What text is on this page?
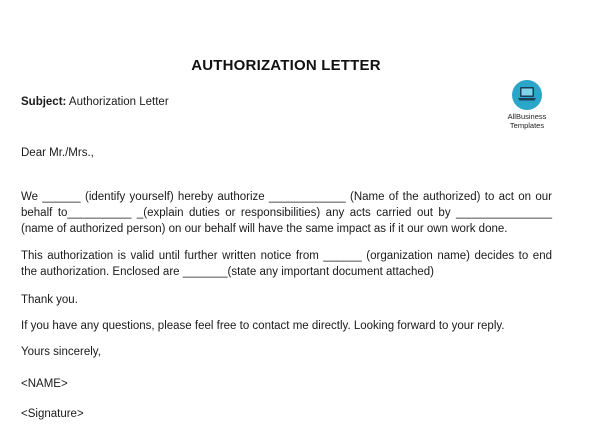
AUTHORIZATION LETTER
Subject: Authorization Letter
AllBusiness
Templates
Dear Mr./Mrs.,
We ______ (identify yourself) hereby authorize ____________ (Name of the authorized) to act on our behalf to__________ _(explain duties or responsibilities) any acts carried out by _______________ (name of authorized person) on our behalf will have the same impact as if it our own work done.
This authorization is valid until further written notice from ______ (organization name) decides to end the authorization. Enclosed are _______(state any important document attached)
Thank you.
If you have any questions, please feel free to contact me directly. Looking forward to your reply.
Yours sincerely,
<NAME>
<Signature>
